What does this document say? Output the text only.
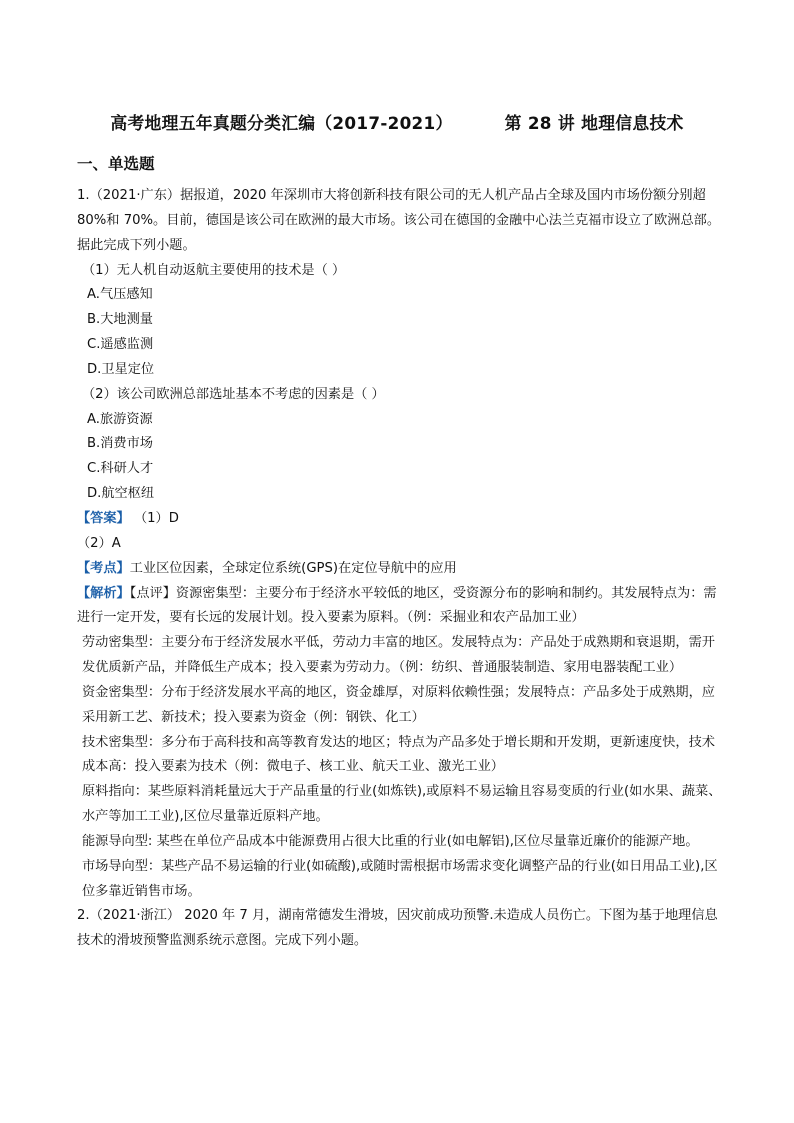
高考地理五年真题分类汇编（2017-2021）	第 28 讲 地理信息技术
一、单选题

1.（2021·广东）据报道，2020 年深圳市大将创新科技有限公司的无人机产品占全球及国内市场份额分别超80%和 70%。目前，德国是该公司在欧洲的最大市场。该公司在德国的金融中心法兰克福市设立了欧洲总部。据此完成下列小题。

（1）无人机自动返航主要使用的技术是（ ）

A.气压感知

B.大地测量

C.遥感监测

D.卫星定位

（2）该公司欧洲总部选址基本不考虑的因素是（ ）

A.旅游资源

B.消费市场

C.科研人才

D.航空枢纽

【答案】 （1）D

（2）A

【考点】工业区位因素，全球定位系统(GPS)在定位导航中的应用

【解析】【点评】资源密集型：主要分布于经济水平较低的地区，受资源分布的影响和制约。其发展特点为：需进行一定开发，要有长远的发展计划。投入要素为原料。（例：采掘业和农产品加工业）

劳动密集型：主要分布于经济发展水平低，劳动力丰富的地区。发展特点为：产品处于成熟期和衰退期，需开发优质新产品，并降低生产成本；投入要素为劳动力。（例：纺织、普通服装制造、家用电器装配工业）

资金密集型：分布于经济发展水平高的地区，资金雄厚，对原料依赖性强；发展特点：产品多处于成熟期，应采用新工艺、新技术；投入要素为资金（例：钢铁、化工）

技术密集型：多分布于高科技和高等教育发达的地区；特点为产品多处于增长期和开发期，更新速度快，技术成本高：投入要素为技术（例：微电子、核工业、航天工业、激光工业）

原料指向：某些原料消耗量远大于产品重量的行业(如炼铁),或原料不易运输且容易变质的行业(如水果、蔬菜、水产等加工工业),区位尽量靠近原料产地。

能源导向型: 某些在单位产品成本中能源费用占很大比重的行业(如电解铝),区位尽量靠近廉价的能源产地。

市场导向型：某些产品不易运输的行业(如硫酸),或随时需根据市场需求变化调整产品的行业(如日用品工业),区位多靠近销售市场。

2.（2021·浙江） 2020 年 7 月，湖南常德发生滑坡，因灾前成功预警.未造成人员伤亡。下图为基于地理信息技术的滑坡预警监测系统示意图。完成下列小题。
